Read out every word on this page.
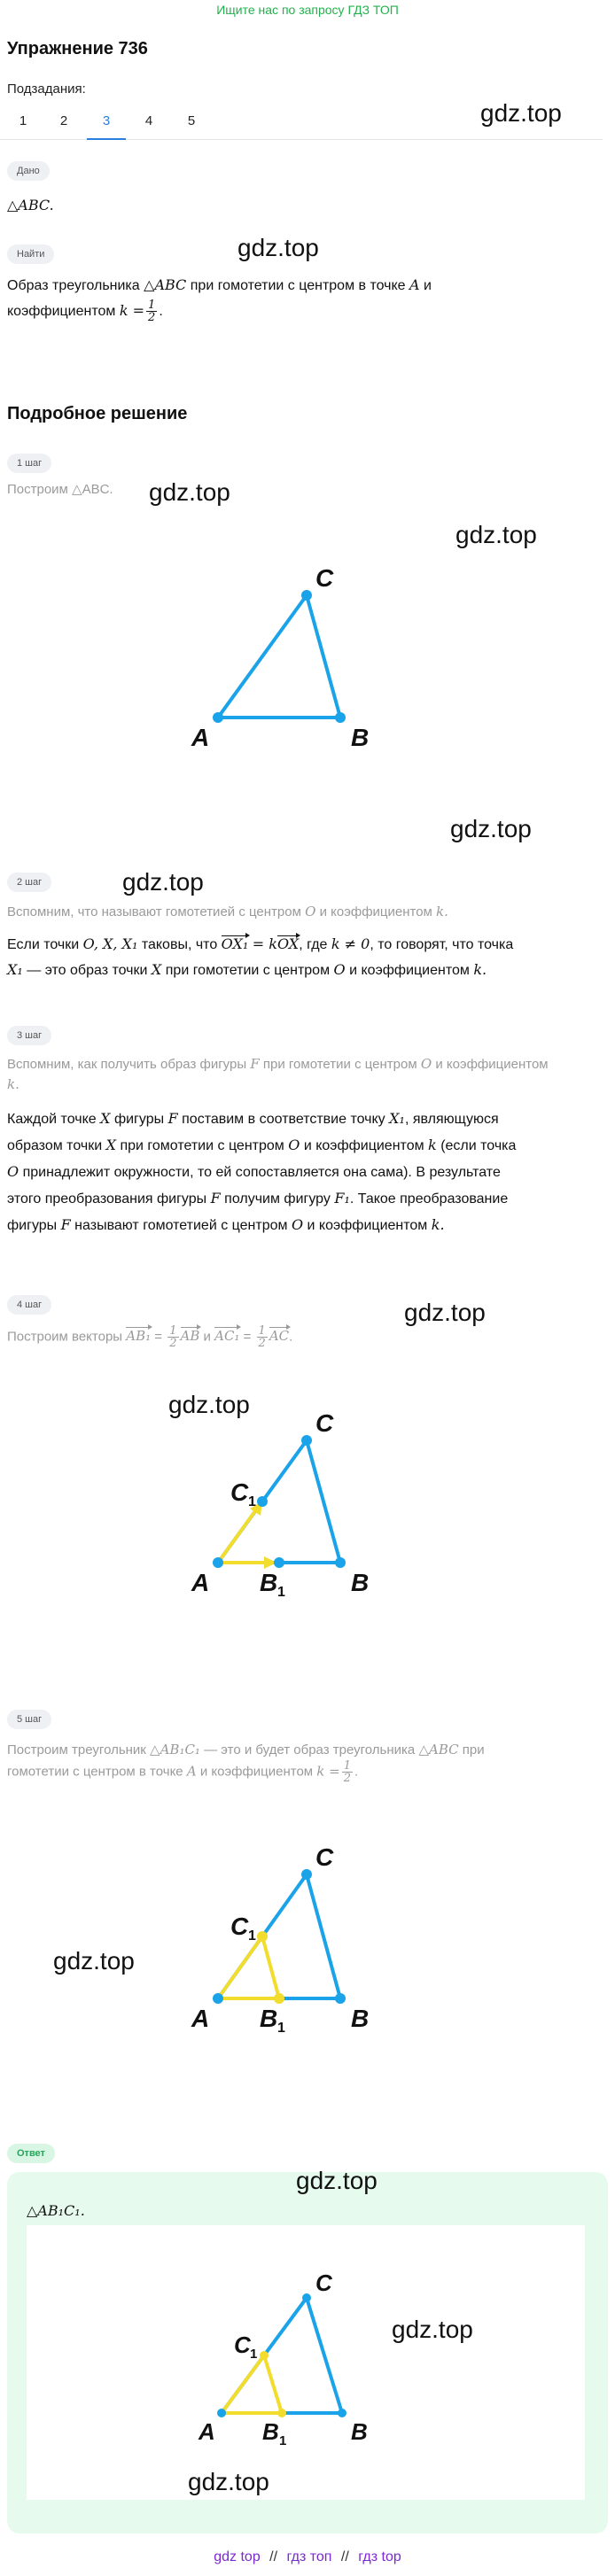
Ищите нас по запросу ГДЗ ТОП
Упражнение 736
Подзадания:
1	2	3	4	5
Дано
△ABC.
Найти
Образ треугольника △ABC при гомотетии с центром в точке A и
коэффициентом $k = \frac{1}{2}$ .
Подробное решение
1 шаг
Построим △ABC.
A	B
C
2 шаг
Вспомним, что называют гомотетией с центром O и коэффициентом k.
Если точки O, X, X₁ таковы, что OX₁ = kOX, где k ≠ 0, то говорят, что точка
X₁ — это образ точки X при гомотетии с центром O и коэффициентом k.
3 шаг
Вспомним, как получить образ фигуры F при гомотетии с центром O и коэффициентом
k.
Каждой точке X фигуры F поставим в соответствие точку X₁, являющуюся
образом точки X при гомотетии с центром O и коэффициентом k (если точка
O принадлежит окружности, то ей сопоставляется она сама). В результате
этого преобразования фигуры F получим фигуру F₁. Такое преобразование
фигуры F называют гомотетией с центром O и коэффициентом k.
4 шаг
Построим векторы $AB_1 = \frac{1}{2}$ AB и $AC_1 = \frac{1}{2}$ AC.
A B 1	B
C 1
C
5 шаг
Построим треугольник △AB₁C₁ — это и будет образ треугольника △ABC при
гомотетии с центром в точке A и коэффициентом $k = \frac{1}{2}$ .
A B 1	B
C 1
C
Ответ
△AB₁C₁.
A B 1	B
C 1
C
gdz.top
gdz.top
gdz.top
gdz.top
gdz.top
gdz.top
gdz.top
gdz.top
gdz.top
gdz.top
gdz.top
gdz.top
gdz top // гдз топ // гдз top
